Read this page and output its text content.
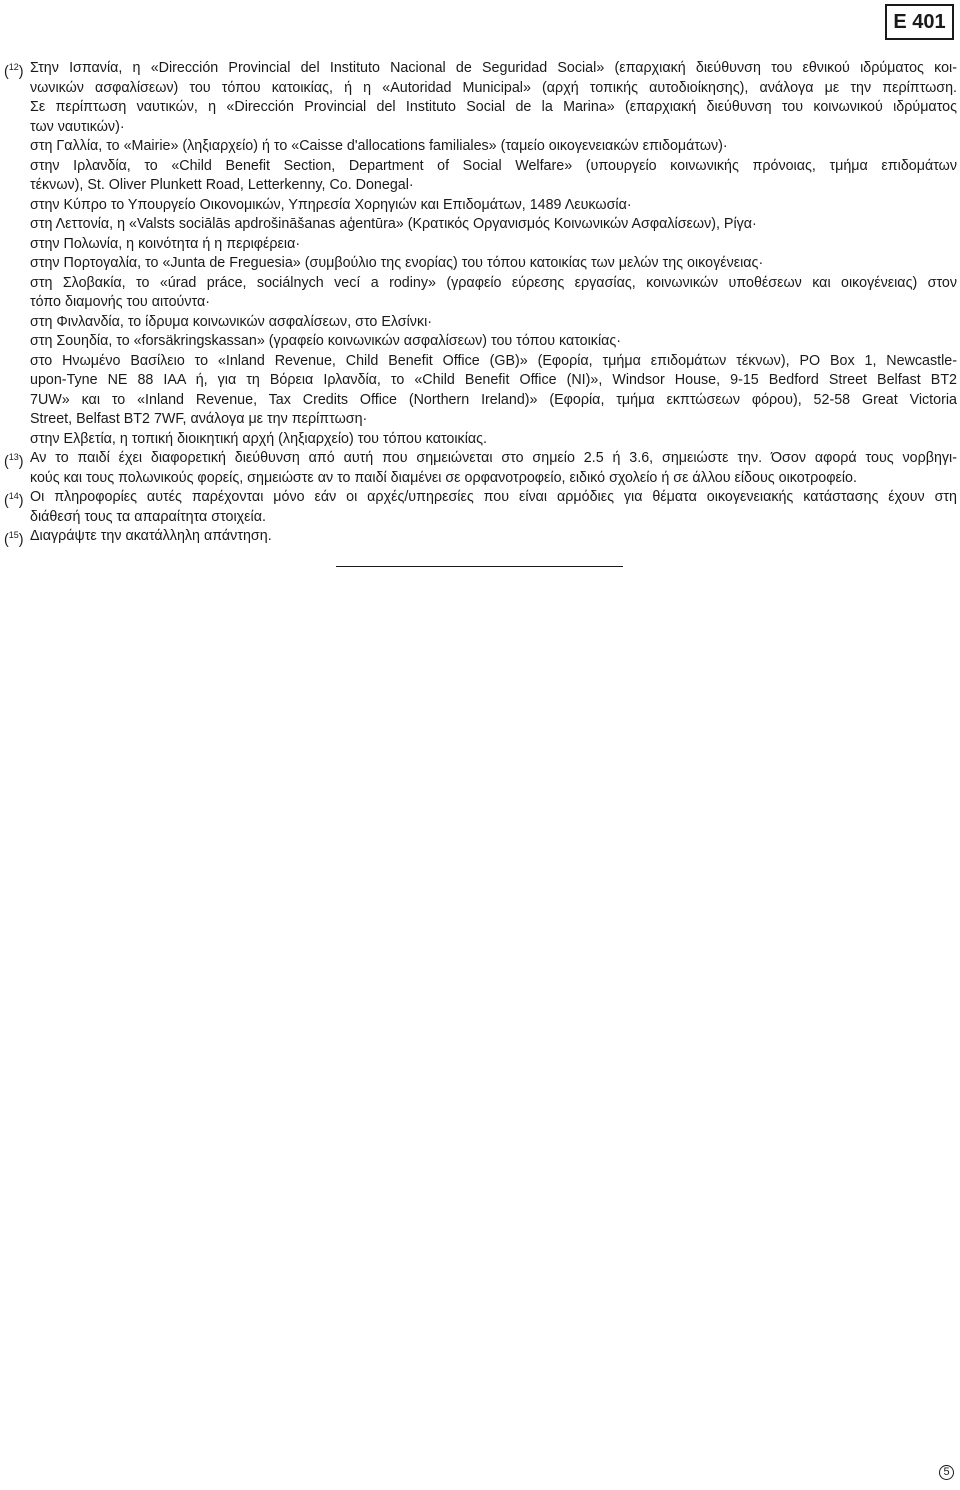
E 401
($^{12}$) Στην Ισπανία, η «Dirección Provincial del Instituto Nacional de Seguridad Social» (επαρχιακή διεύθυνση του εθνικού ιδρύματος κοι-
νωνικών ασφαλίσεων) του τόπου κατοικίας, ή η «Autoridad Municipal» (αρχή τοπικής αυτοδιοίκησης), ανάλογα με την περίπτωση.
Σε περίπτωση ναυτικών, η «Dirección Provincial del Instituto Social de la Marina» (επαρχιακή διεύθυνση του κοινωνικού ιδρύματος
των ναυτικών)·
στη Γαλλία, το «Mairie» (ληξιαρχείο) ή το «Caisse d'allocations familiales» (ταμείο οικογενειακών επιδομάτων)·
στην Ιρλανδία, το «Child Benefit Section, Department of Social Welfare» (υπουργείο κοινωνικής πρόνοιας, τμήμα επιδομάτων
τέκνων), St. Oliver Plunkett Road, Letterkenny, Co. Donegal·
στην Κύπρο το Υπουργείο Οικονομικών, Υπηρεσία Χορηγιών και Επιδομάτων, 1489 Λευκωσία·
στη Λεττονία, η «Valsts sociālās apdrošināšanas aģentūra» (Κρατικός Οργανισμός Κοινωνικών Ασφαλίσεων), Ρίγα·
στην Πολωνία, η κοινότητα ή η περιφέρεια·
στην Πορτογαλία, το «Junta de Freguesia» (συμβούλιο της ενορίας) του τόπου κατοικίας των μελών της οικογένειας·
στη Σλοβακία, το «úrad práce, sociálnych vecí a rodiny» (γραφείο εύρεσης εργασίας, κοινωνικών υποθέσεων και οικογένειας) στον
τόπο διαμονής του αιτούντα·
στη Φινλανδία, το ίδρυμα κοινωνικών ασφαλίσεων, στο Ελσίνκι·
στη Σουηδία, το «forsäkringskassan» (γραφείο κοινωνικών ασφαλίσεων) του τόπου κατοικίας·
στο Ηνωμένο Βασίλειο το «Inland Revenue, Child Benefit Office (GB)» (Εφορία, τμήμα επιδομάτων τέκνων), PO Box 1, Newcastle-
upon-Tyne NE 88 IAA ή, για τη Βόρεια Ιρλανδία, το «Child Benefit Office (NI)», Windsor House, 9-15 Bedford Street Belfast BT2
7UW» και το «Inland Revenue, Tax Credits Office (Northern Ireland)» (Εφορία, τμήμα εκπτώσεων φόρου), 52-58 Great Victoria
Street, Belfast BT2 7WF, ανάλογα με την περίπτωση·
στην Ελβετία, η τοπική διοικητική αρχή (ληξιαρχείο) του τόπου κατοικίας.
($^{13}$) Αν το παιδί έχει διαφορετική διεύθυνση από αυτή που σημειώνεται στο σημείο 2.5 ή 3.6, σημειώστε την. Όσον αφορά τους νορβηγι-
κούς και τους πολωνικούς φορείς, σημειώστε αν το παιδί διαμένει σε ορφανοτροφείο, ειδικό σχολείο ή σε άλλου είδους οικοτροφείο.
($^{14}$) Οι πληροφορίες αυτές παρέχονται μόνο εάν οι αρχές/υπηρεσίες που είναι αρμόδιες για θέματα οικογενειακής κατάστασης έχουν στη
διάθεσή τους τα απαραίτητα στοιχεία.
($^{15}$) Διαγράψτε την ακατάλληλη απάντηση.
5
